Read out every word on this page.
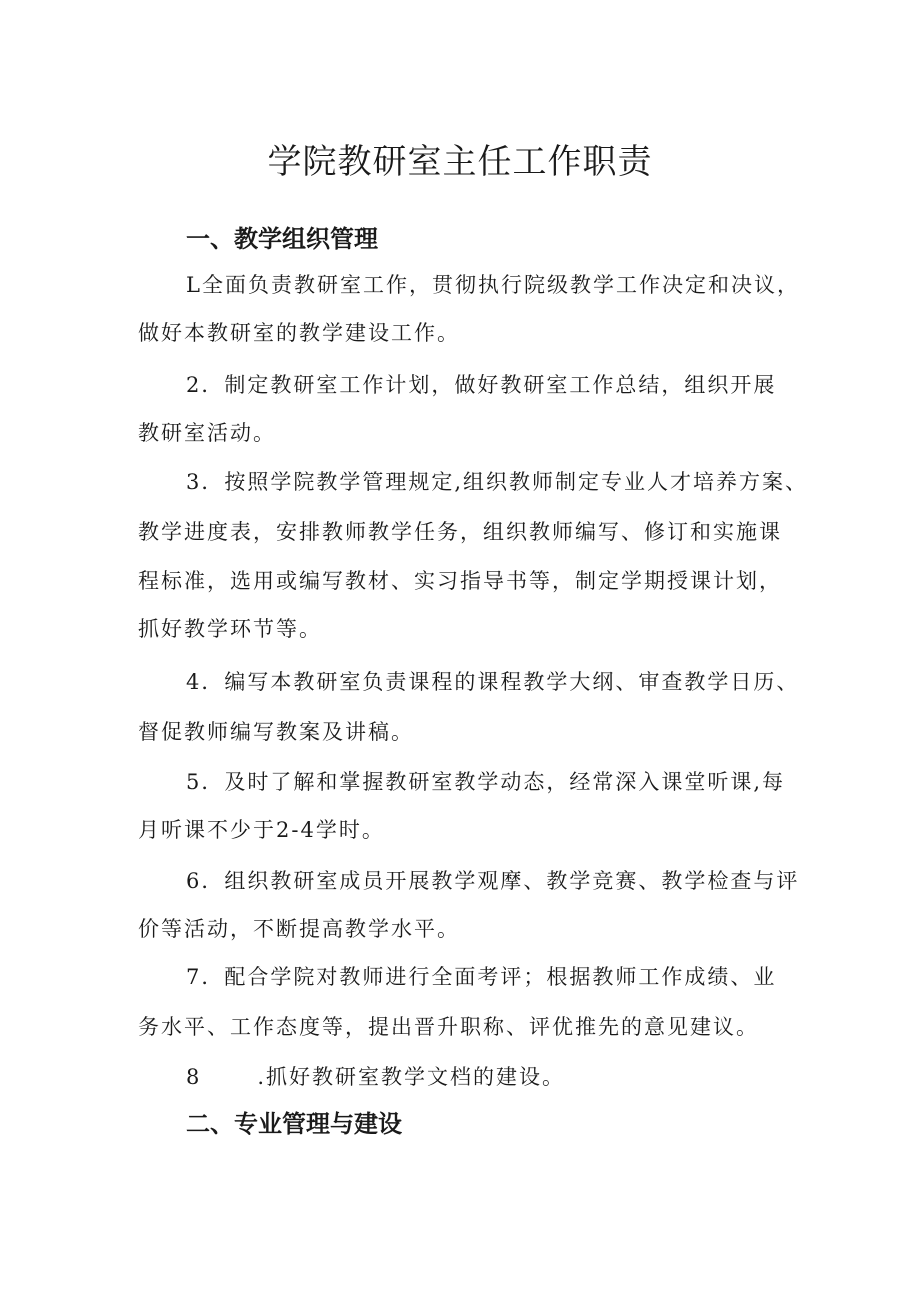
学院教研室主任工作职责
一、教学组织管理

L全面负责教研室工作，贯彻执行院级教学工作决定和决议，

做好本教研室的教学建设工作。

2．制定教研室工作计划，做好教研室工作总结，组织开展

教研室活动。

3．按照学院教学管理规定,组织教师制定专业人才培养方案、

教学进度表，安排教师教学任务，组织教师编写、修订和实施课

程标准，选用或编写教材、实习指导书等，制定学期授课计划，

抓好教学环节等。

4．编写本教研室负责课程的课程教学大纲、审查教学日历、

督促教师编写教案及讲稿。

5．及时了解和掌握教研室教学动态，经常深入课堂听课,每

月听课不少于2-4学时。

6．组织教研室成员开展教学观摩、教学竞赛、教学检查与评

价等活动，不断提高教学水平。

7．配合学院对教师进行全面考评；根据教师工作成绩、业

务水平、工作态度等，提出晋升职称、评优推先的意见建议。

8	.抓好教研室教学文档的建设。

二、专业管理与建设
